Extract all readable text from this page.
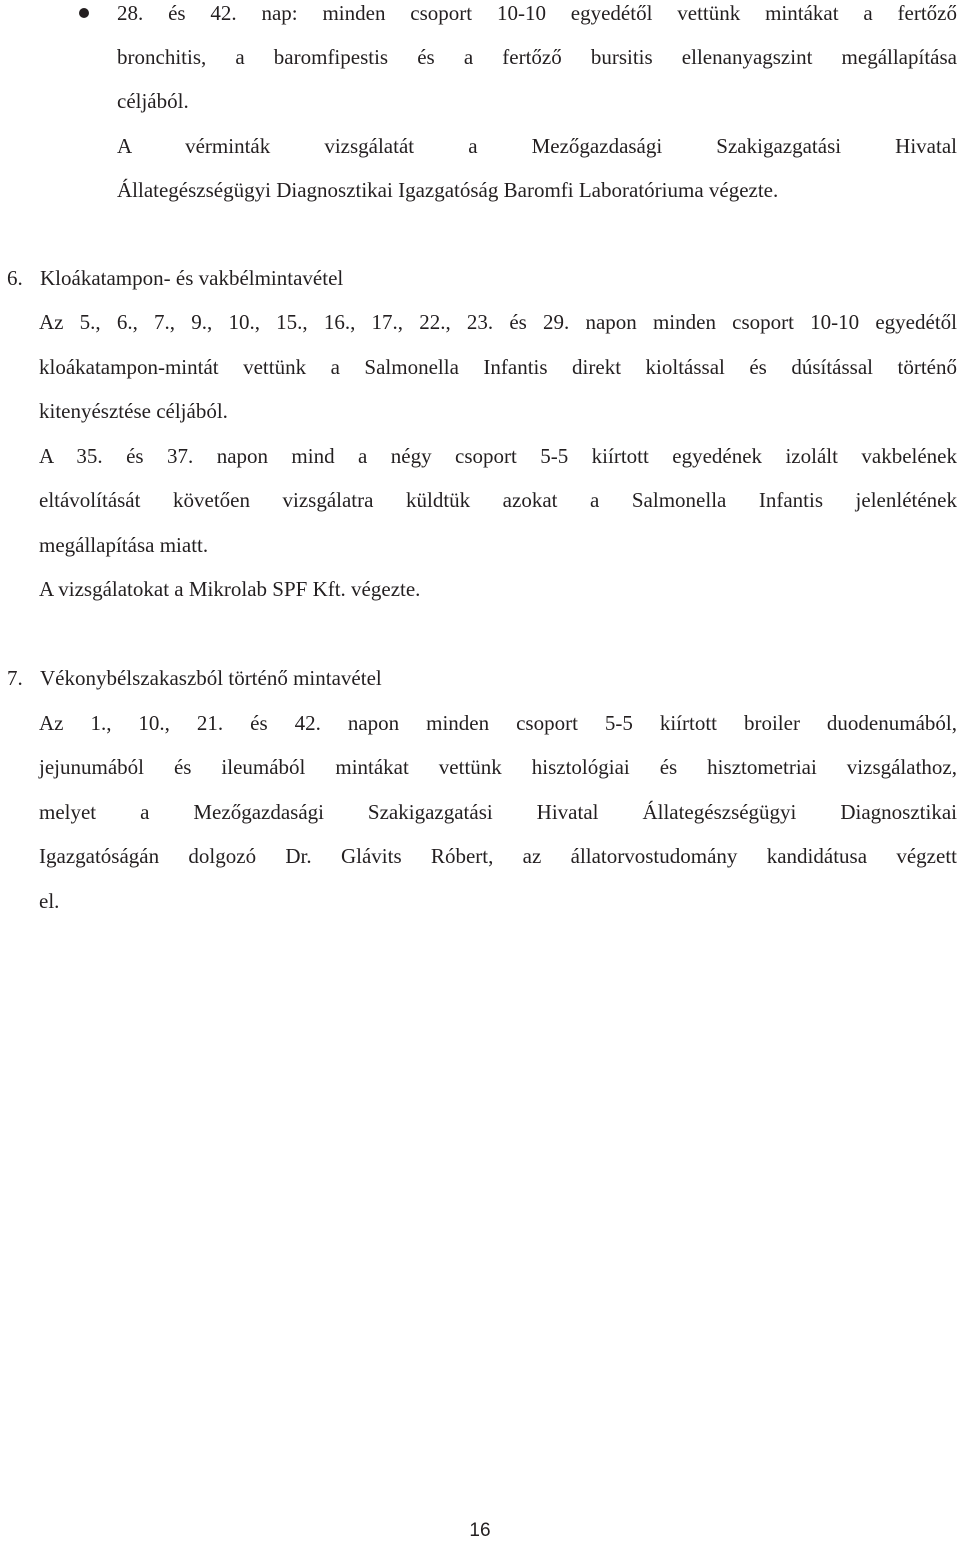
28. és 42. nap: minden csoport 10-10 egyedétől vettünk mintákat a fertőző
bronchitis, a baromfipestis és a fertőző bursitis ellenanyagszint megállapítása
céljából.
A vérminták vizsgálatát a Mezőgazdasági Szakigazgatási Hivatal
Állategészségügyi Diagnosztikai Igazgatóság Baromfi Laboratóriuma végezte.
6. Kloákatampon- és vakbélmintavétel
Az 5., 6., 7., 9., 10., 15., 16., 17., 22., 23. és 29. napon minden csoport 10-10 egyedétől
kloákatampon-mintát vettünk a Salmonella Infantis direkt kioltással és dúsítással történő
kitenyésztése céljából.
A 35. és 37. napon mind a négy csoport 5-5 kiírtott egyedének izolált vakbelének
eltávolítását követően vizsgálatra küldtük azokat a Salmonella Infantis jelenlétének
megállapítása miatt.
A vizsgálatokat a Mikrolab SPF Kft. végezte.
7. Vékonybélszakaszból történő mintavétel
Az 1., 10., 21. és 42. napon minden csoport 5-5 kiírtott broiler duodenumából,
jejunumából és ileumából mintákat vettünk hisztológiai és hisztometriai vizsgálathoz,
melyet a Mezőgazdasági Szakigazgatási Hivatal Állategészségügyi Diagnosztikai
Igazgatóságán dolgozó Dr. Glávits Róbert, az állatorvostudomány kandidátusa végzett
el.
16
